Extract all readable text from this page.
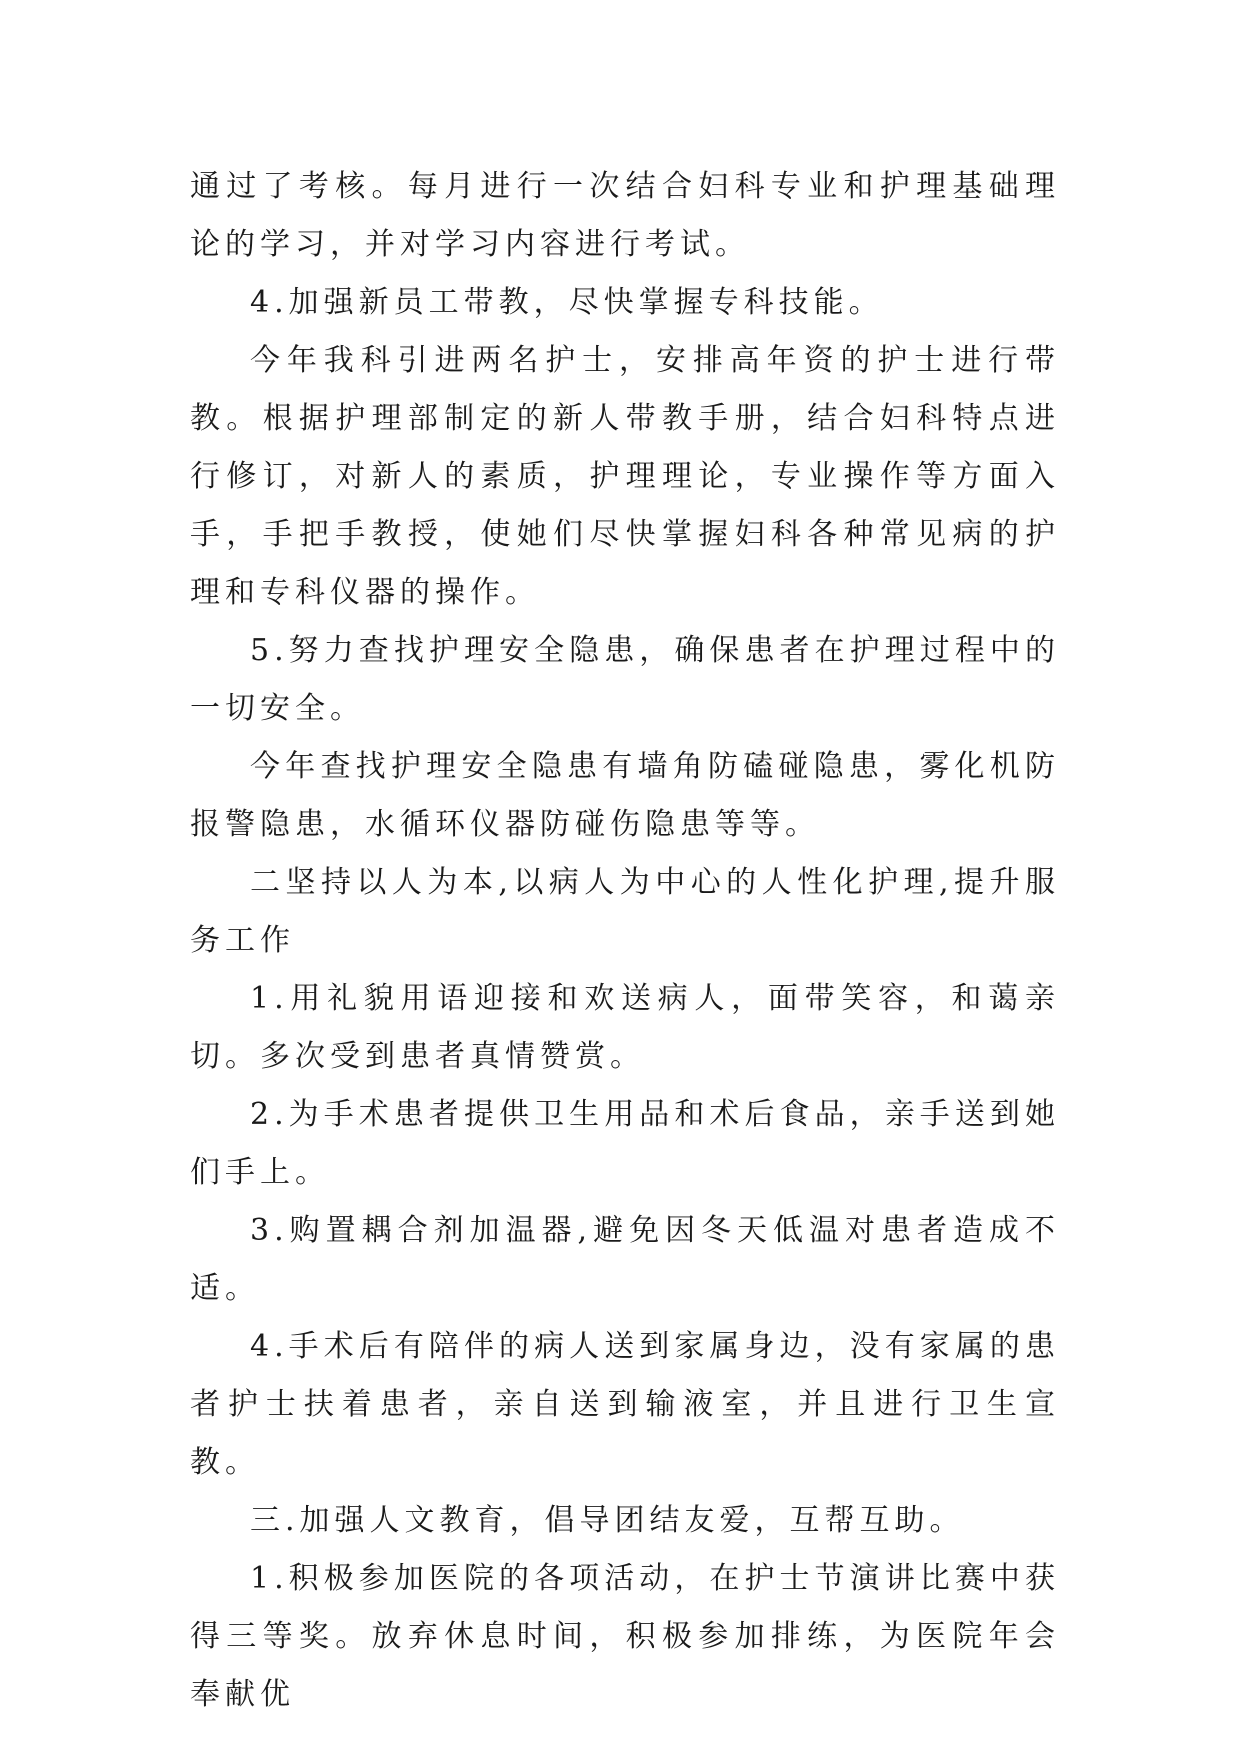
通过了考核。每月进行一次结合妇科专业和护理基础理论的学习，并对学习内容进行考试。

4.加强新员工带教，尽快掌握专科技能。

今年我科引进两名护士，安排高年资的护士进行带教。根据护理部制定的新人带教手册，结合妇科特点进行修订，对新人的素质，护理理论，专业操作等方面入手，手把手教授，使她们尽快掌握妇科各种常见病的护理和专科仪器的操作。

5.努力查找护理安全隐患，确保患者在护理过程中的一切安全。

今年查找护理安全隐患有墙角防磕碰隐患，雾化机防报警隐患，水循环仪器防碰伤隐患等等。

二坚持以人为本,以病人为中心的人性化护理,提升服务工作

1.用礼貌用语迎接和欢送病人，面带笑容，和蔼亲切。多次受到患者真情赞赏。

2.为手术患者提供卫生用品和术后食品，亲手送到她们手上。

3.购置耦合剂加温器,避免因冬天低温对患者造成不适。

4.手术后有陪伴的病人送到家属身边，没有家属的患者护士扶着患者，亲自送到输液室，并且进行卫生宣教。

三.加强人文教育，倡导团结友爱，互帮互助。

1.积极参加医院的各项活动，在护士节演讲比赛中获得三等奖。放弃休息时间，积极参加排练，为医院年会奉献优
